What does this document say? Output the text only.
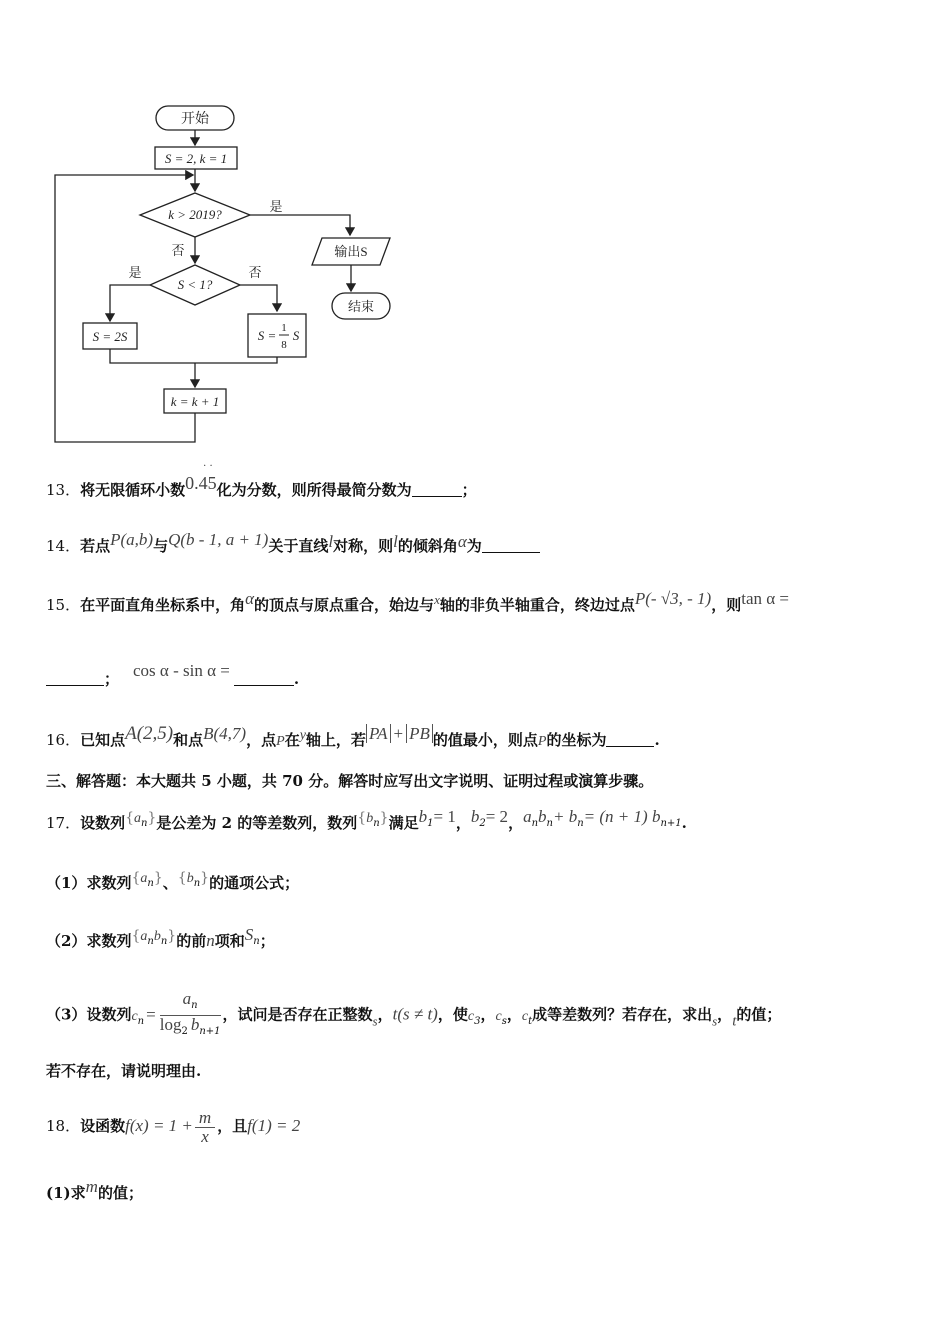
开始
S = 2, k = 1
k > 2019?
是
否	输出S
结束
S < 1?
是	否
S = 2S	S = 1
8
S
k = k + 1
13．将无限循环小数0.45
· ·
化为分数，则所得最简分数为	；
14．若点P(a,b)与Q(b - 1, a + 1)关于直线l对称，则l的倾斜角α为
15．在平面直角坐标系中，角α的顶点与原点重合，始边与x轴的非负半轴重合，终边过点P(- √3, - 1)，则tan α =
； cos α - sin α =	.
16．已知点A(2,5)和点B(4,7)，点P在y轴上，若 PA + PB 的值最小，则点P的坐标为	.
三、解答题：本大题共 5 小题，共 70 分。解答时应写出文字说明、证明过程或演算步骤。
17．设数列$\{a_n\}$是公差为 2 的等差数列，数列$\{b_n\}$满足$b_1= 1$，$b_2= 2$，$a_nb_n+ b_n= (n + 1)$ $b_{n+1}$.
（1）求数列$\{a_n\}$、$\{b_n\}$的通项公式；
（2）求数列$\{a_nb_n\}$的前n项和$S_n$；
（3）设数列$c_n = \frac{a_n}{\log_2 b_{n+1}}$ ，试问是否存在正整数s，t(s ≠ t)，使$c_3$，$c_s$，$c_t$成等差数列？若存在，求出s，t的值；
若不存在，请说明理由.
18．设函数$f(x) = 1 + \frac{m}{x}$ ，且f(1) = 2
(1)求m的值；
